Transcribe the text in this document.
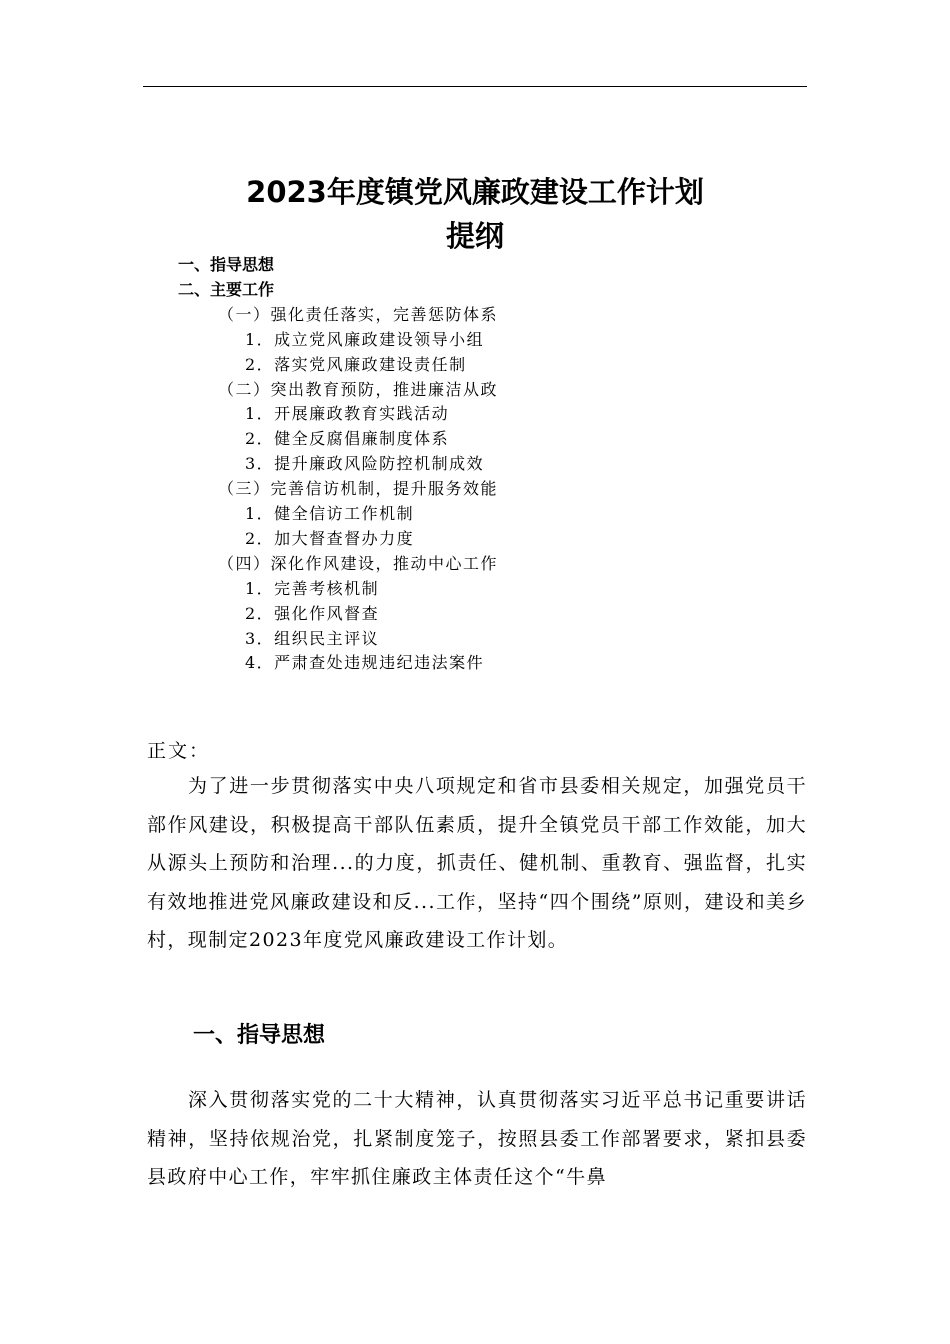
2023年度镇党风廉政建设工作计划
提纲
一、指导思想
二、主要工作
（一）强化责任落实，完善惩防体系
1．成立党风廉政建设领导小组
2．落实党风廉政建设责任制
（二）突出教育预防，推进廉洁从政
1．开展廉政教育实践活动
2．健全反腐倡廉制度体系
3．提升廉政风险防控机制成效
（三）完善信访机制，提升服务效能
1．健全信访工作机制
2．加大督查督办力度
（四）深化作风建设，推动中心工作
1．完善考核机制
2．强化作风督查
3．组织民主评议
4．严肃查处违规违纪违法案件
正文：

为了进一步贯彻落实中央八项规定和省市县委相关规定，加强党员干部作风建设，积极提高干部队伍素质，提升全镇党员干部工作效能，加大从源头上预防和治理...的力度，抓责任、健机制、重教育、强监督，扎实有效地推进党风廉政建设和反...工作，坚持“四个围绕”原则，建设和美乡村，现制定2023年度党风廉政建设工作计划。

一、指导思想

深入贯彻落实党的二十大精神，认真贯彻落实习近平总书记重要讲话精神，坚持依规治党，扎紧制度笼子，按照县委工作部署要求，紧扣县委县政府中心工作，牢牢抓住廉政主体责任这个“牛鼻
